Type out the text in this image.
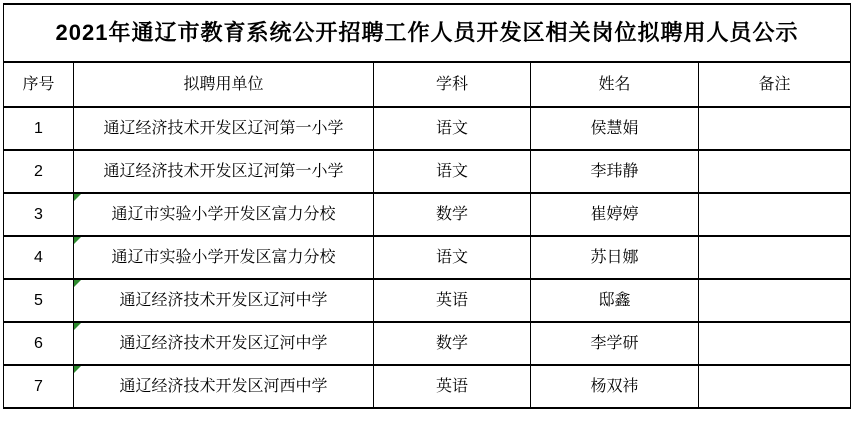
2021年通辽市教育系统公开招聘工作人员开发区相关岗位拟聘用人员公示				
序号	拟聘用单位	学科	姓名	备注
1	通辽经济技术开发区辽河第一小学	语文	侯慧娟	
2	通辽经济技术开发区辽河第一小学	语文	李玮静	
3	通辽市实验小学开发区富力分校	数学	崔婷婷	
4	通辽市实验小学开发区富力分校	语文	苏日娜	
5	通辽经济技术开发区辽河中学	英语	邸鑫	
6	通辽经济技术开发区辽河中学	数学	李学研	
7	通辽经济技术开发区河西中学	英语	杨双祎	
